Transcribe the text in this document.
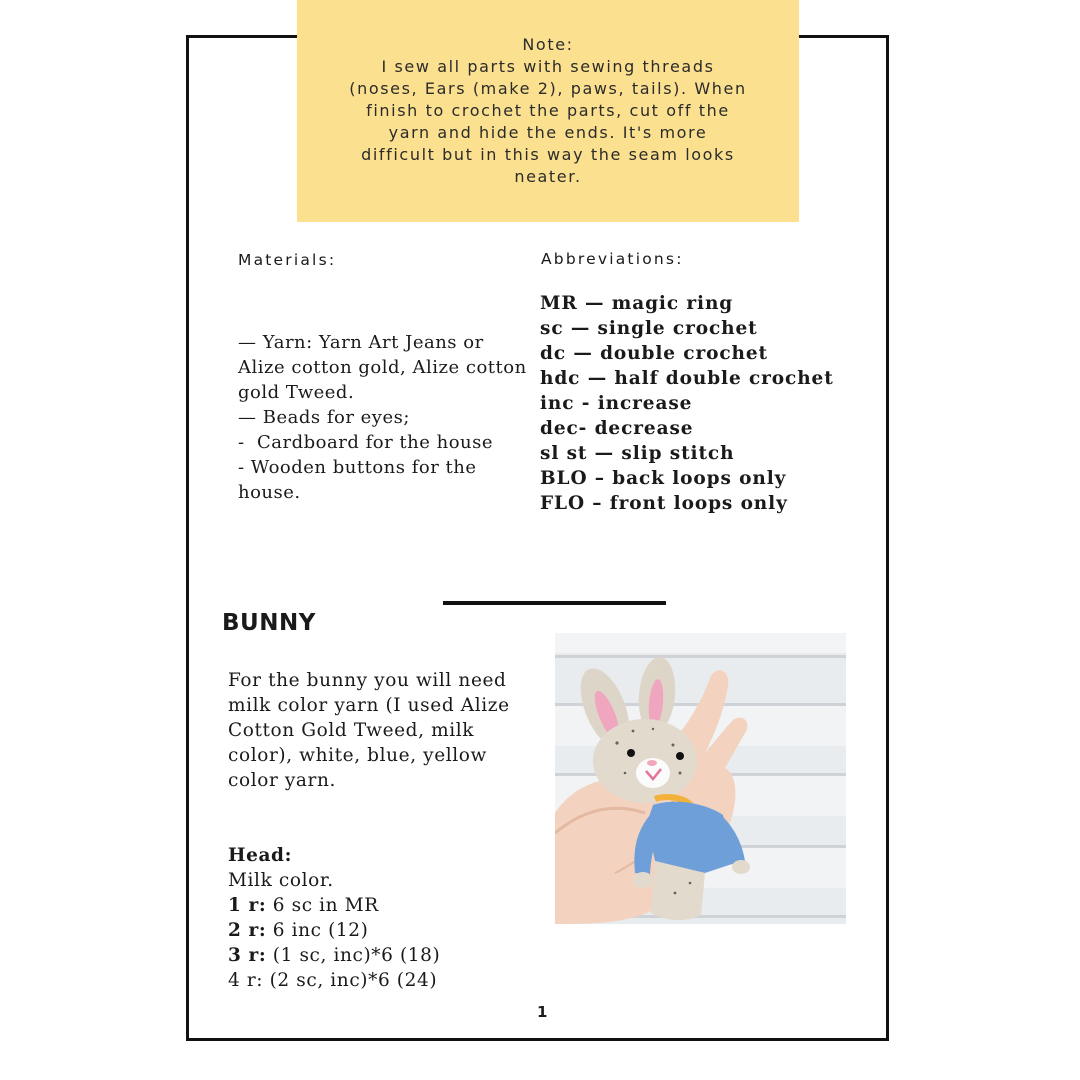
Note:

I sew all parts with sewing threads

(noses, Ears (make 2), paws, tails). When

finish to crochet the parts, cut off the

yarn and hide the ends. It's more

difficult but in this way the seam looks

neater.

Materials:	Abbreviations:
— Yarn: Yarn Art Jeans or Alize cotton gold, Alize cotton gold Tweed.
— Beads for eyes;
-  Cardboard for the house
- Wooden buttons for the house.
MR — magic ring
sc — single crochet
dc — double crochet
hdc — half double crochet
inc - increase
dec- decrease
sl st — slip stitch
BLO – back loops only
FLO – front loops only
BUNNY

For the bunny you will need milk color yarn (I used Alize Cotton Gold Tweed, milk color), white, blue, yellow color yarn.

Head:
Milk color.
1 r: 6 sc in MR
2 r: 6 inc (12)
3 r: (1 sc, inc)*6 (18)
4 r: (2 sc, inc)*6 (24)
1
